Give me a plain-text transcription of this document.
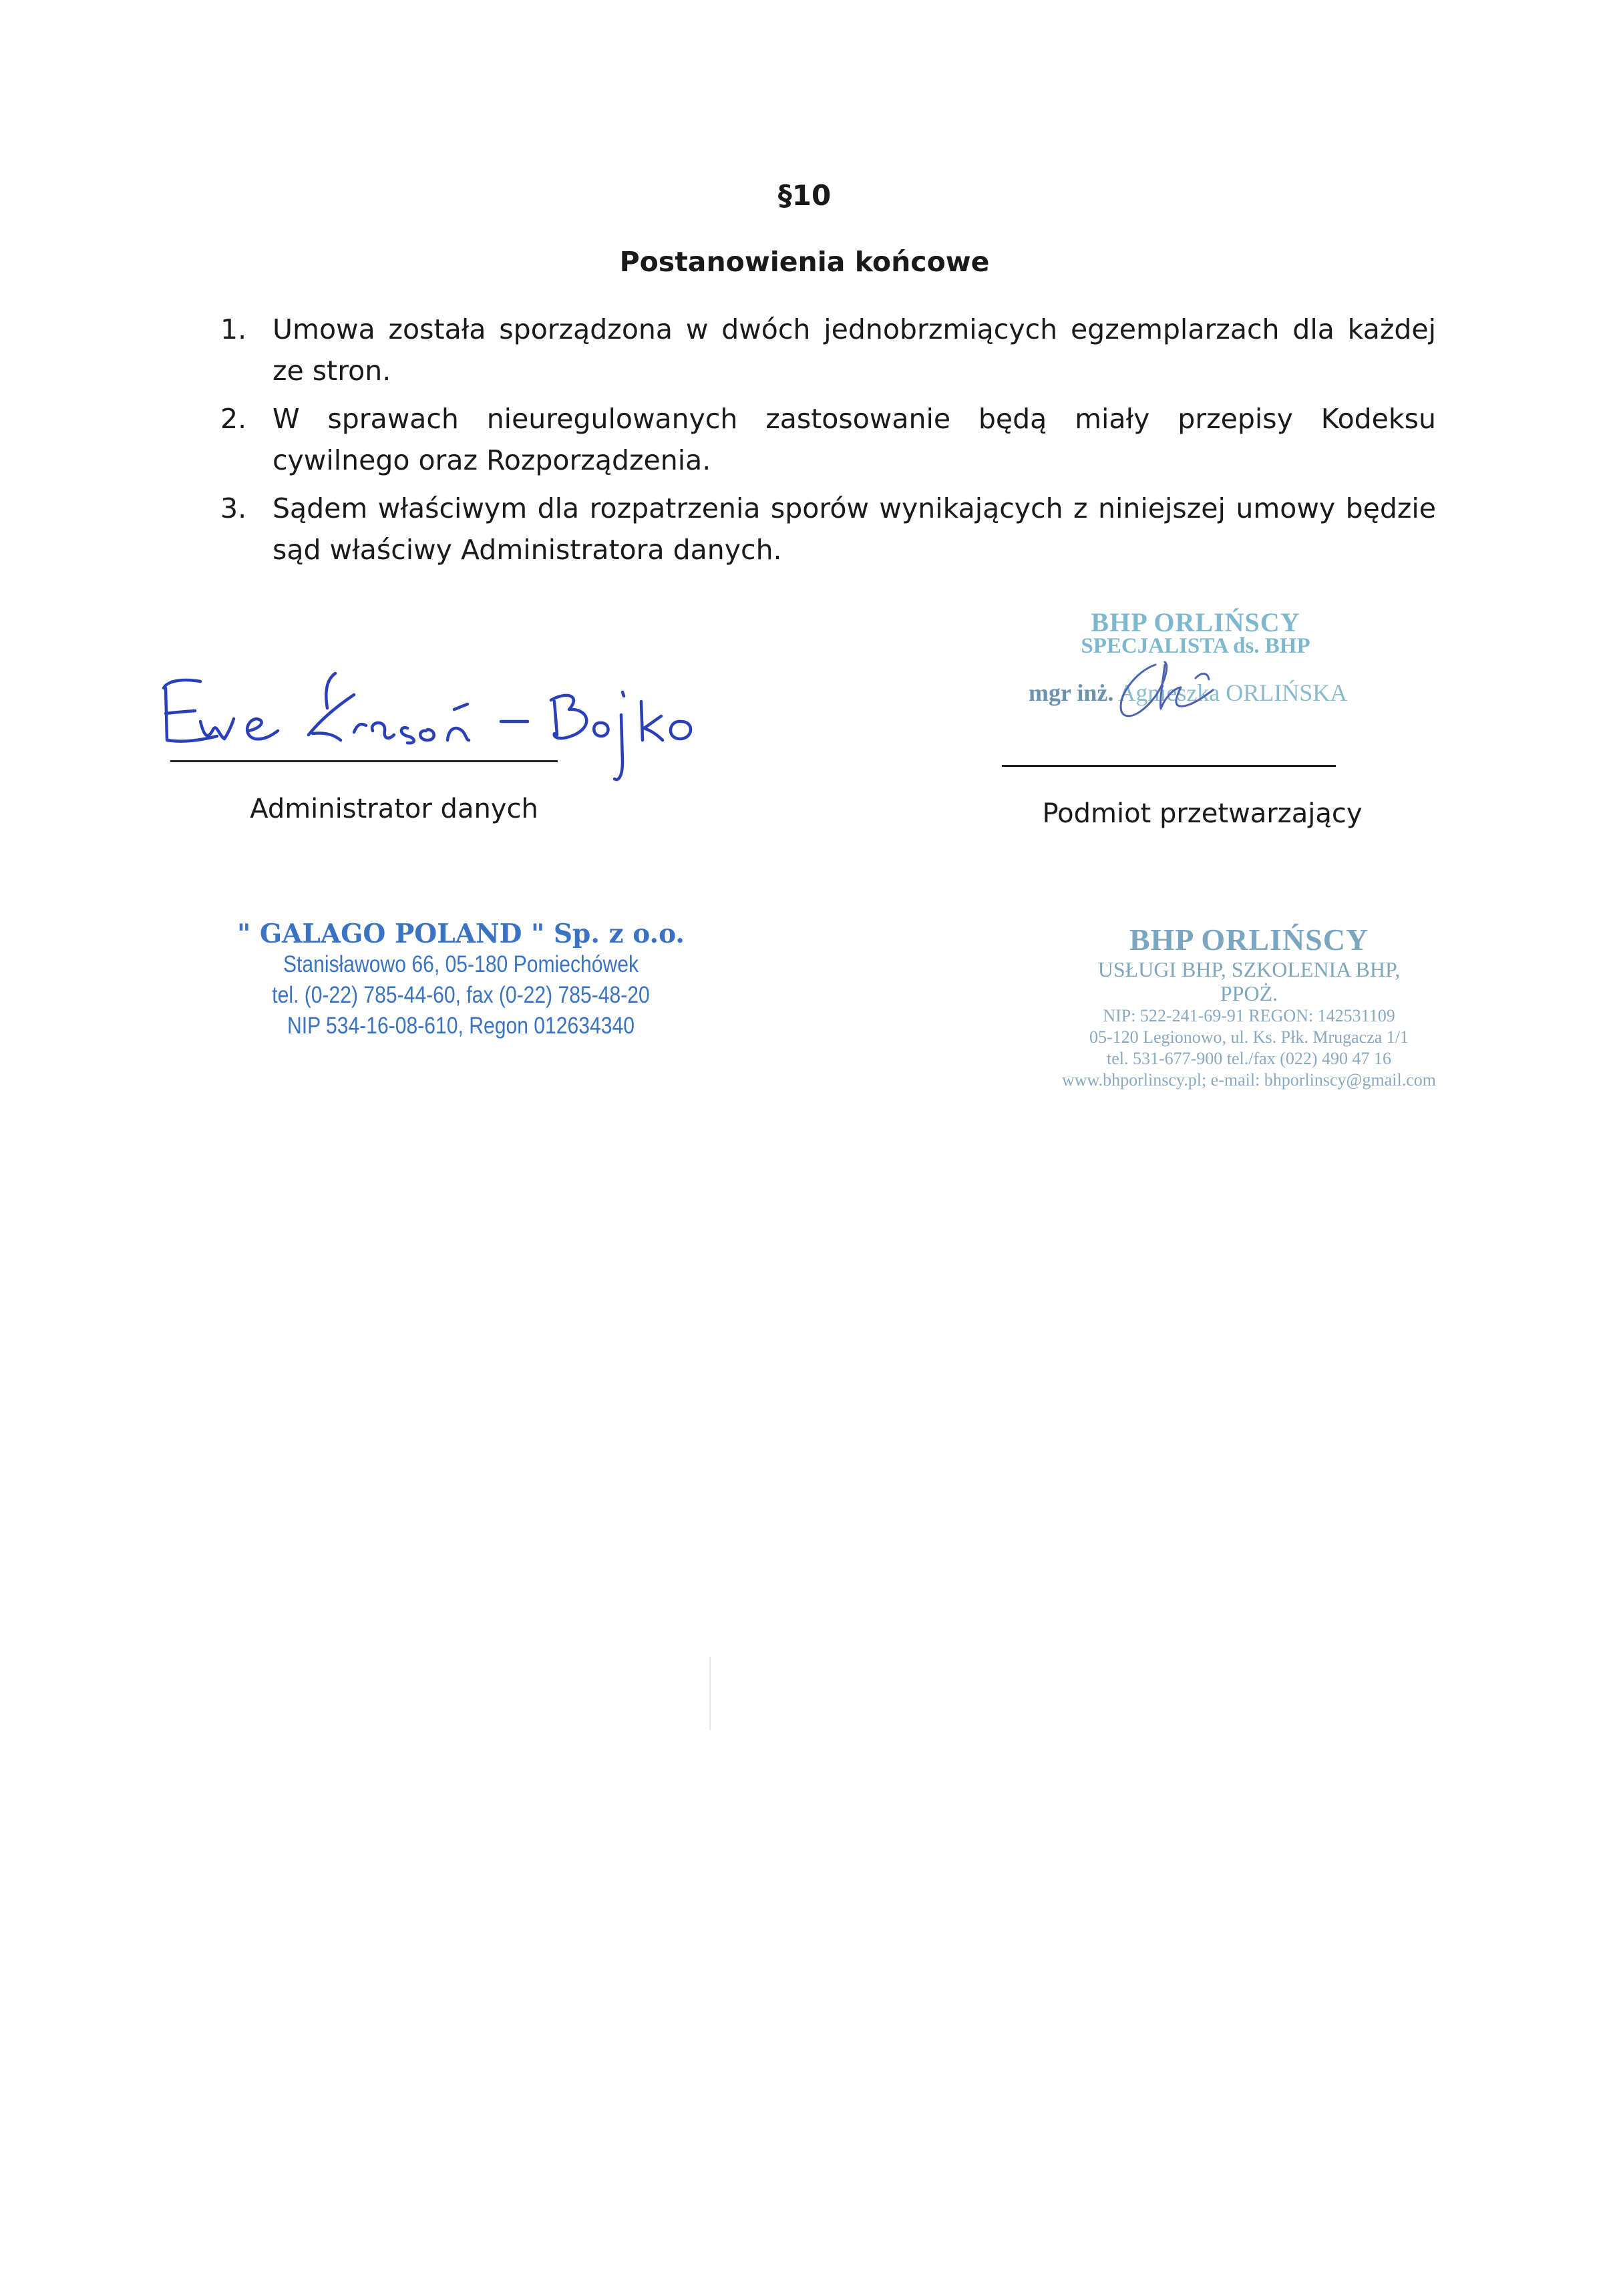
§10
Postanowienia końcowe
1. Umowa została sporządzona w dwóch jednobrzmiących egzemplarzach dla każdej ze stron.
2. W sprawach nieuregulowanych zastosowanie będą miały przepisy Kodeksu cywilnego oraz Rozporządzenia.
3. Sądem właściwym dla rozpatrzenia sporów wynikających z niniejszej umowy będzie sąd właściwy Administratora danych.
BHP ORLIŃSCY
SPECJALISTA ds. BHP
mgr inż. Agnieszka ORLIŃSKA
Administrator danych	Podmiot przetwarzający
" GALAGO POLAND " Sp. z o.o.
Stanisławowo 66, 05-180 Pomiechówek
tel. (0-22) 785-44-60, fax (0-22) 785-48-20
NIP 534-16-08-610, Regon 012634340
BHP ORLIŃSCY
USŁUGI BHP, SZKOLENIA BHP,
PPOŻ.
NIP: 522-241-69-91 REGON: 142531109
05-120 Legionowo, ul. Ks. Płk. Mrugacza 1/1
tel. 531-677-900 tel./fax (022) 490 47 16
www.bhporlinscy.pl; e-mail: bhporlinscy@gmail.com
